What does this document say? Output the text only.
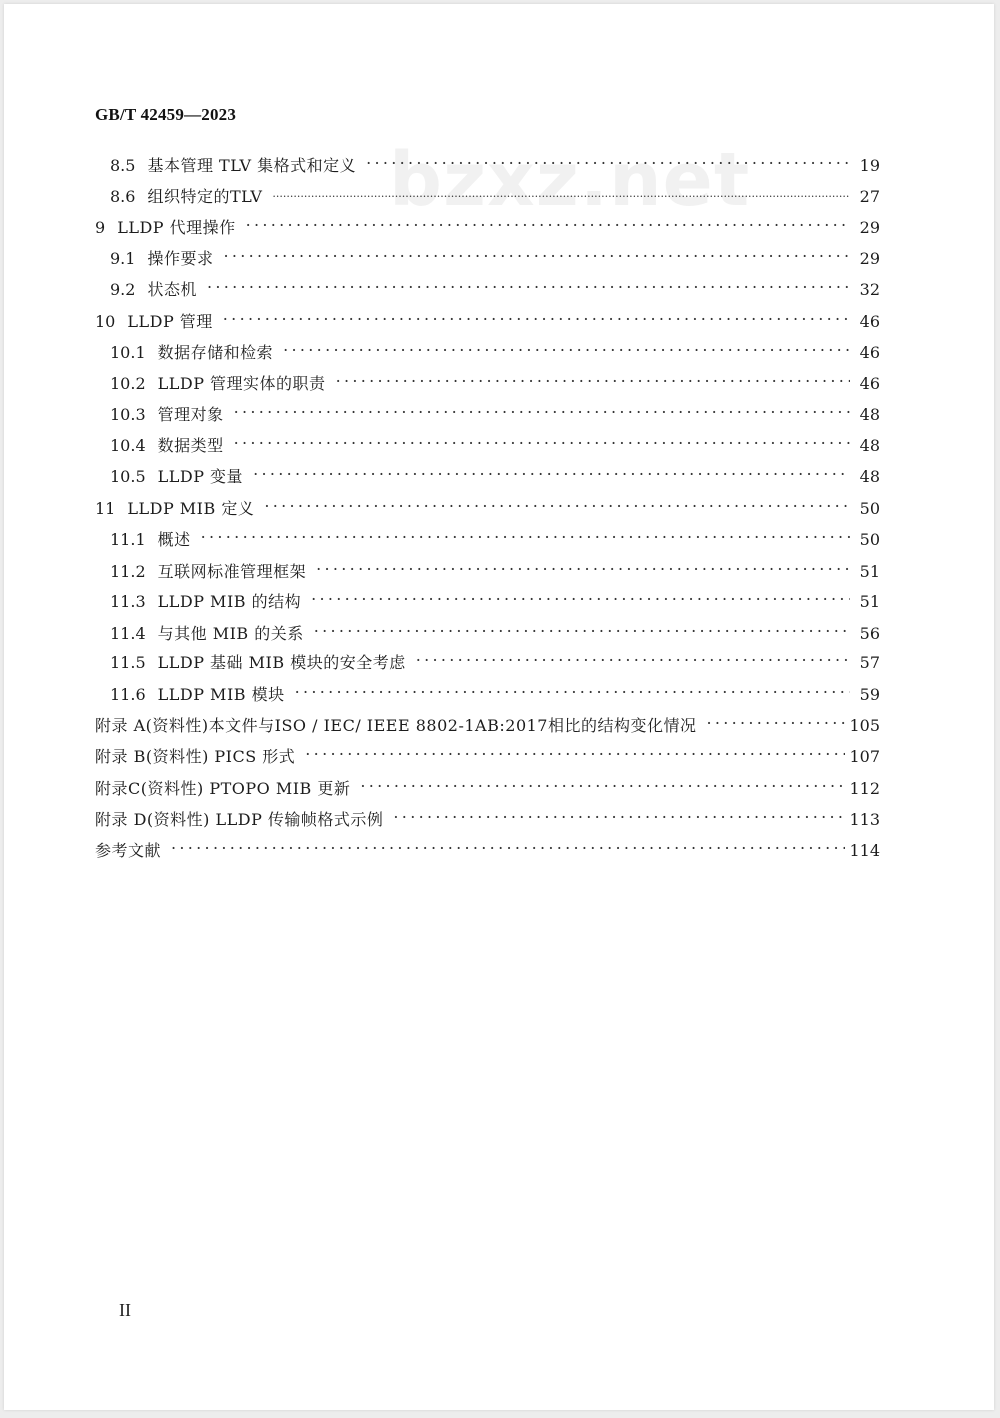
GB/T 42459—2023
bzxz.net
8.5 基本管理 TLV 集格式和定义 .....	19
8.6 组织特定的TLV .....	27
9 LLDP 代理操作 .....	29
9.1 操作要求 .....	29
9.2 状态机 .....	32
10 LLDP 管理 .....	46
10.1 数据存储和检索 .....	46
10.2 LLDP 管理实体的职责 .....	46
10.3 管理对象 .....	48
10.4 数据类型 .....	48
10.5 LLDP 变量 .....	48
11 LLDP MIB 定义 .....	50
11.1 概述 .....	50
11.2 互联网标准管理框架 .....	51
11.3 LLDP MIB 的结构 .....	51
11.4 与其他 MIB 的关系 .....	56
11.5 LLDP 基础 MIB 模块的安全考虑 .....	57
11.6 LLDP MIB 模块 .....	59
附录 A(资料性)本文件与ISO / IEC/ IEEE 8802-1AB:2017相比的结构变化情况 .....	105
附录 B(资料性) PICS 形式 .....	107
附录C(资料性) PTOPO MIB 更新 .....	112
附录 D(资料性) LLDP 传输帧格式示例 .....	113
参考文献 .....	114
II
